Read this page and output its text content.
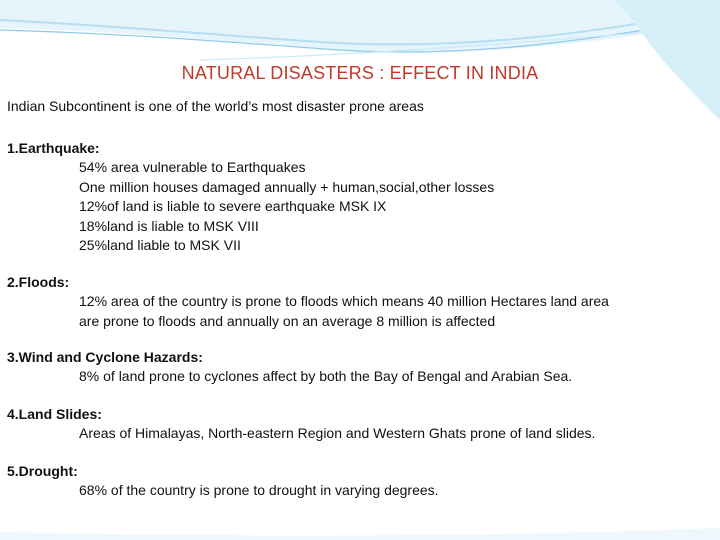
NATURAL DISASTERS : EFFECT IN INDIA
Indian Subcontinent is one of the world’s most disaster prone areas
1.Earthquake:
54% area vulnerable to Earthquakes
One million houses damaged annually + human,social,other losses
12%of land is liable to severe earthquake MSK IX
18%land is liable to MSK VIII
25%land liable to MSK VII
2.Floods:
12% area of the country is prone to floods which means 40 million Hectares land area
are prone to floods and annually on an average 8 million is affected
3.Wind and Cyclone Hazards:
8% of land prone to cyclones affect by both the Bay of Bengal and Arabian Sea.
4.Land Slides:
Areas of Himalayas, North-eastern Region and Western Ghats prone of land slides.
5.Drought:
68% of the country is prone to drought in varying degrees.
